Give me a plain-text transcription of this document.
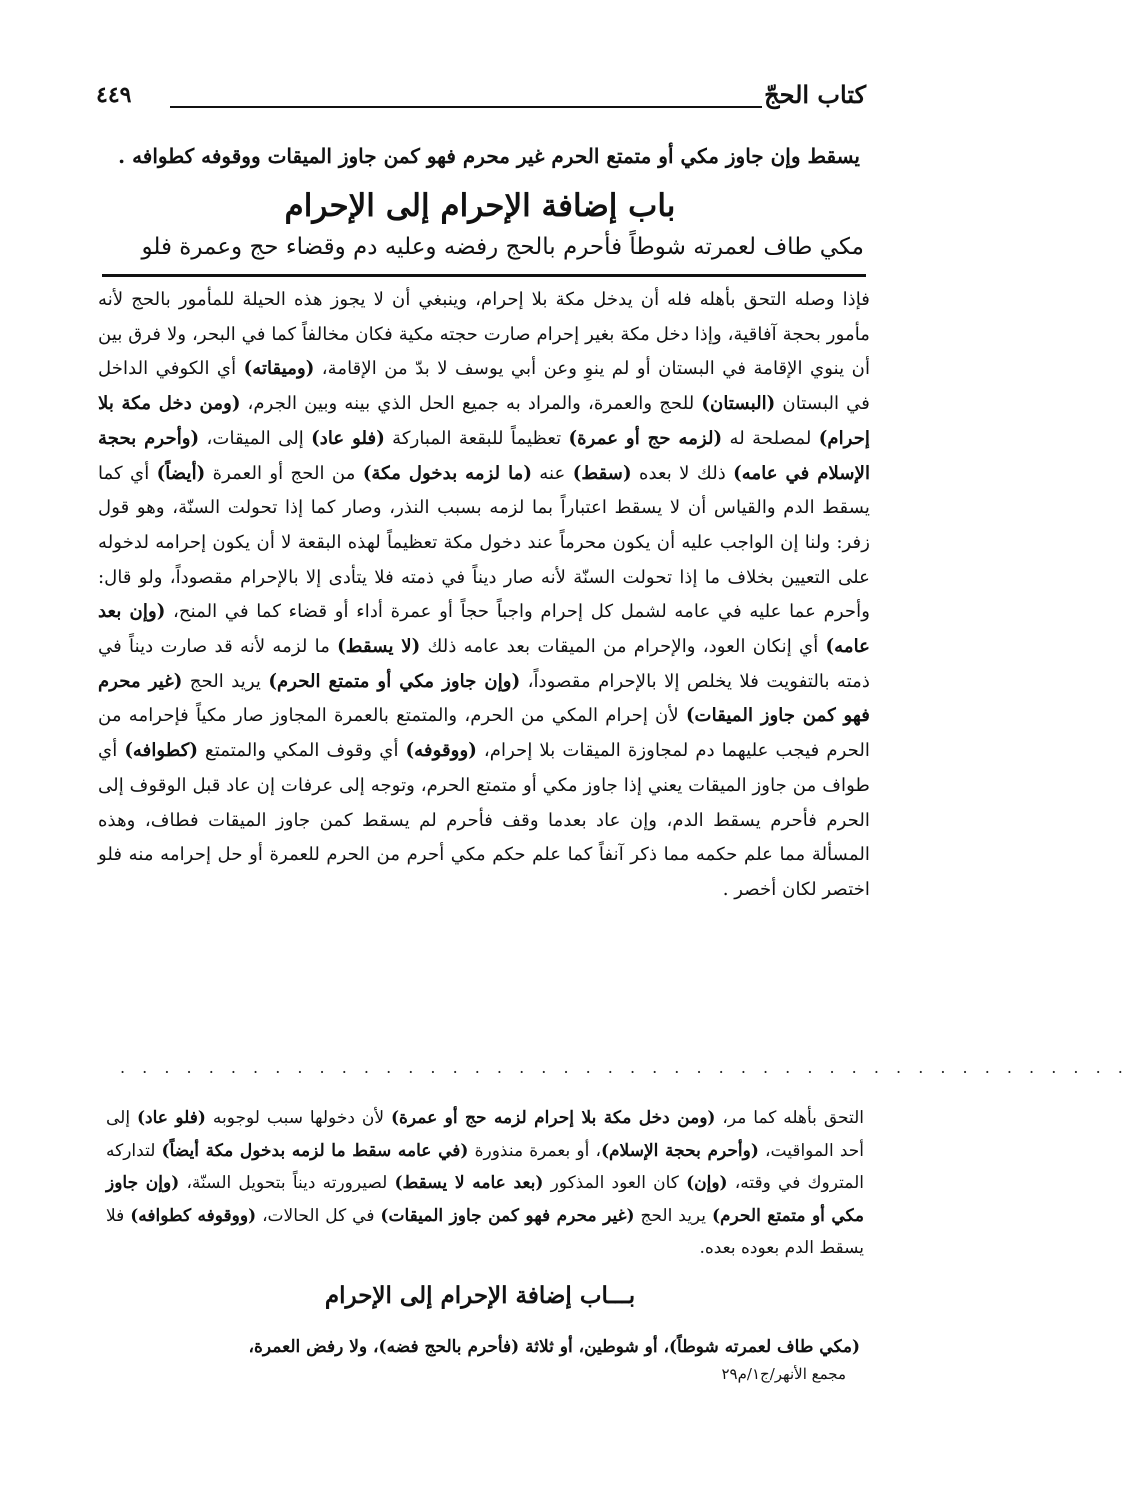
كتاب الحجّ
٤٤٩
يسقط وإن جاوز مكي أو متمتع الحرم غير محرم فهو كمن جاوز الميقات ووقوفه كطوافه .
باب إضافة الإحرام إلى الإحرام
مكي طاف لعمرته شوطاً فأحرم بالحج رفضه وعليه دم وقضاء حج وعمرة فلو

فإذا وصله التحق بأهله فله أن يدخل مكة بلا إحرام، وينبغي أن لا يجوز هذه الحيلة للمأمور بالحج لأنه مأمور بحجة آفاقية، وإذا دخل مكة بغير إحرام صارت حجته مكية فكان مخالفاً كما في البحر، ولا فرق بين أن ينوي الإقامة في البستان أو لم ينوِ وعن أبي يوسف لا بدّ من الإقامة، (وميقاته) أي الكوفي الداخل في البستان (البستان) للحج والعمرة، والمراد به جميع الحل الذي بينه وبين الجرم، (ومن دخل مكة بلا إحرام) لمصلحة له (لزمه حج أو عمرة) تعظيماً للبقعة المباركة (فلو عاد) إلى الميقات، (وأحرم بحجة الإسلام في عامه) ذلك لا بعده (سقط) عنه (ما لزمه بدخول مكة) من الحج أو العمرة (أيضاً) أي كما يسقط الدم والقياس أن لا يسقط اعتباراً بما لزمه بسبب النذر، وصار كما إذا تحولت السنّة، وهو قول زفر: ولنا إن الواجب عليه أن يكون محرماً عند دخول مكة تعظيماً لهذه البقعة لا أن يكون إحرامه لدخوله على التعيين بخلاف ما إذا تحولت السنّة لأنه صار ديناً في ذمته فلا يتأدى إلا بالإحرام مقصوداً، ولو قال: وأحرم عما عليه في عامه لشمل كل إحرام واجباً حجاً أو عمرة أداء أو قضاء كما في المنح، (وإن بعد عامه) أي إنكان العود، والإحرام من الميقات بعد عامه ذلك (لا يسقط) ما لزمه لأنه قد صارت ديناً في ذمته بالتفويت فلا يخلص إلا بالإحرام مقصوداً، (وإن جاوز مكي أو متمتع الحرم) يريد الحج (غير محرم فهو كمن جاوز الميقات) لأن إحرام المكي من الحرم، والمتمتع بالعمرة المجاوز صار مكياً فإحرامه من الحرم فيجب عليهما دم لمجاوزة الميقات بلا إحرام، (ووقوفه) أي وقوف المكي والمتمتع (كطوافه) أي طواف من جاوز الميقات يعني إذا جاوز مكي أو متمتع الحرم، وتوجه إلى عرفات إن عاد قبل الوقوف إلى الحرم فأحرم يسقط الدم، وإن عاد بعدما وقف فأحرم لم يسقط كمن جاوز الميقات فطاف، وهذه المسألة مما علم حكمه مما ذكر آنفاً كما علم حكم مكي أحرم من الحرم للعمرة أو حل إحرامه منه فلو اختصر لكان أخصر .

. . . . . . . . . . . . . . . . . . . . . . . . . . . . . . . . . . . . . . . . . . . . . .

التحق بأهله كما مر، (ومن دخل مكة بلا إحرام لزمه حج أو عمرة) لأن دخولها سبب لوجوبه (فلو عاد) إلى أحد المواقيت، (وأحرم بحجة الإسلام)، أو بعمرة منذورة (في عامه سقط ما لزمه بدخول مكة أيضاً) لتداركه المتروك في وقته، (وإن) كان العود المذكور (بعد عامه لا يسقط) لصيرورته ديناً بتحويل السنّة، (وإن جاوز مكي أو متمتع الحرم) يريد الحج (غير محرم فهو كمن جاوز الميقات) في كل الحالات، (ووقوفه كطوافه) فلا يسقط الدم بعوده بعده.

بـــاب إضافة الإحرام إلى الإحرام
(مكي طاف لعمرته شوطاً)، أو شوطين، أو ثلاثة (فأحرم بالحج فضه)، ولا رفض العمرة،
مجمع الأنهر/ج١/م٢٩
